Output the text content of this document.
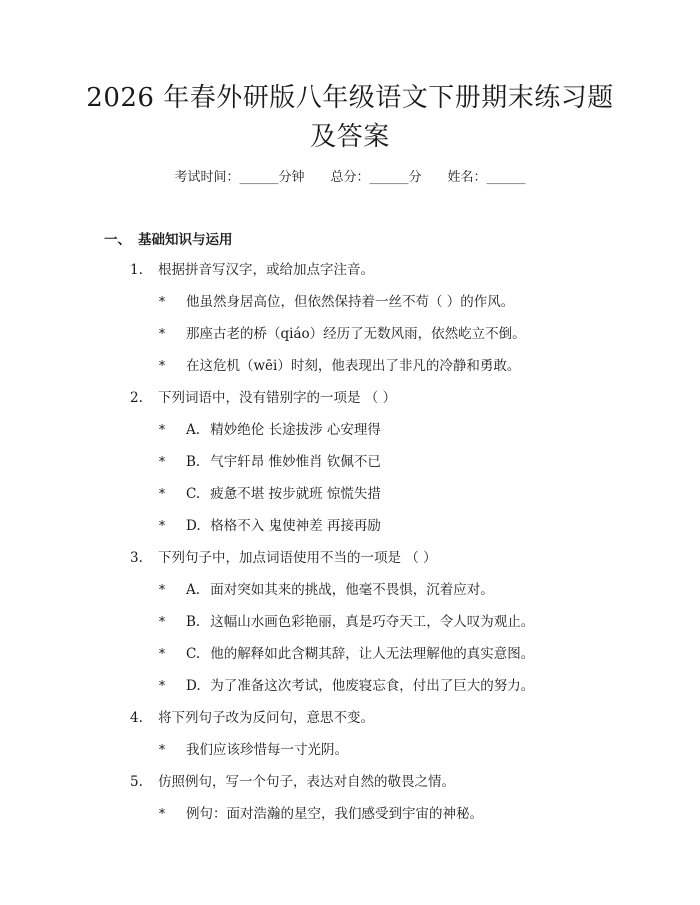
2026 年春外研版八年级语文下册期末练习题
及答案
考试时间：______分钟 总分：______分 姓名：______
一、 基础知识与运用
1. 根据拼音写汉字，或给加点字注音。
* 他虽然身居高位，但依然保持着一丝不苟（ ）的作风。
* 那座古老的桥（qiáo）经历了无数风雨，依然屹立不倒。
* 在这危机（wēi）时刻，他表现出了非凡的冷静和勇敢。
2. 下列词语中，没有错别字的一项是 （ ）
* A. 精妙绝伦 长途拔涉 心安理得
* B. 气宇轩昂 惟妙惟肖 钦佩不已
* C. 疲惫不堪 按步就班 惊慌失措
* D. 格格不入 鬼使神差 再接再励
3. 下列句子中，加点词语使用不当的一项是 （ ）
* A. 面对突如其来的挑战，他毫不畏惧，沉着应对。
* B. 这幅山水画色彩艳丽，真是巧夺天工，令人叹为观止。
* C. 他的解释如此含糊其辞，让人无法理解他的真实意图。
* D. 为了准备这次考试，他废寝忘食，付出了巨大的努力。
4. 将下列句子改为反问句，意思不变。
* 我们应该珍惜每一寸光阴。
5. 仿照例句，写一个句子，表达对自然的敬畏之情。
* 例句：面对浩瀚的星空，我们感受到宇宙的神秘。
